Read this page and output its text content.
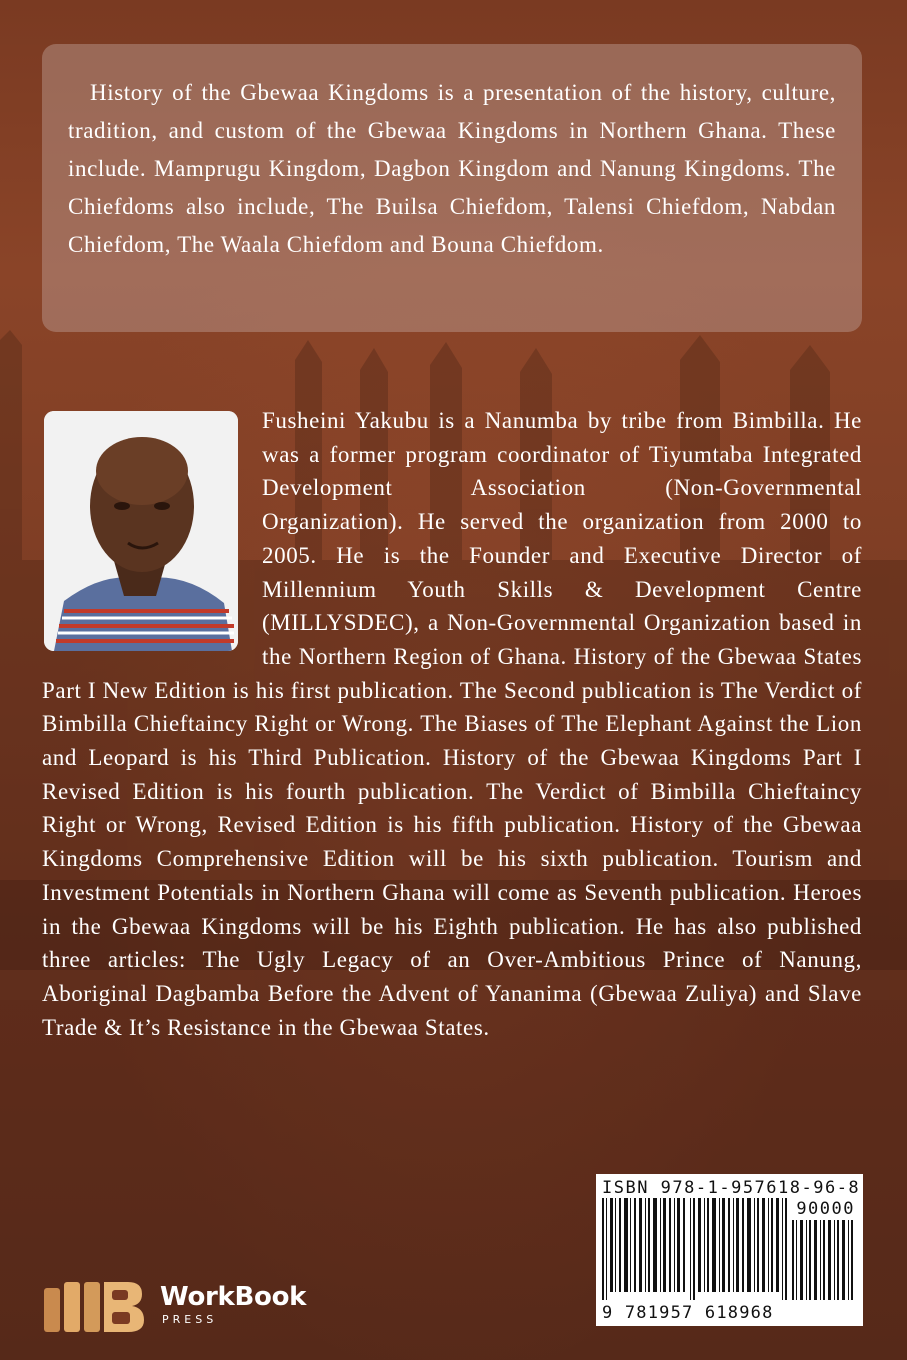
History of the Gbewaa Kingdoms is a presentation of the history, culture, tradition, and custom of the Gbewaa Kingdoms in Northern Ghana. These include. Mamprugu Kingdom, Dagbon Kingdom and Nanung Kingdoms. The Chiefdoms also include, The Builsa Chiefdom, Talensi Chiefdom, Nabdan Chiefdom, The Waala Chiefdom and Bouna Chiefdom.

Fusheini Yakubu is a Nanumba by tribe from Bimbilla. He was a former program coordinator of Tiyumtaba Integrated Development Association (Non-Governmental Organization). He served the organization from 2000 to 2005. He is the Founder and Executive Director of Millennium Youth Skills & Development Centre (MILLYSDEC), a Non-Governmental Organization based in the Northern Region of Ghana. History of the Gbewaa States Part I New Edition is his first publication. The Second publication is The Verdict of Bimbilla Chieftaincy Right or Wrong. The Biases of The Elephant Against the Lion and Leopard is his Third Publication. History of the Gbewaa Kingdoms Part I Revised Edition is his fourth publication. The Verdict of Bimbilla Chieftaincy Right or Wrong, Revised Edition is his fifth publication. History of the Gbewaa Kingdoms Comprehensive Edition will be his sixth publication. Tourism and Investment Potentials in Northern Ghana will come as Seventh publication. Heroes in the Gbewaa Kingdoms will be his Eighth publication. He has also published three articles: The Ugly Legacy of an Over-Ambitious Prince of Nanung, Aboriginal Dagbamba Before the Advent of Yananima (Gbewaa Zuliya) and Slave Trade & It’s Resistance in the Gbewaa States.
ISBN 978-1-957618-96-8
90000
9 781957 618968
WorkBook
PRESS
